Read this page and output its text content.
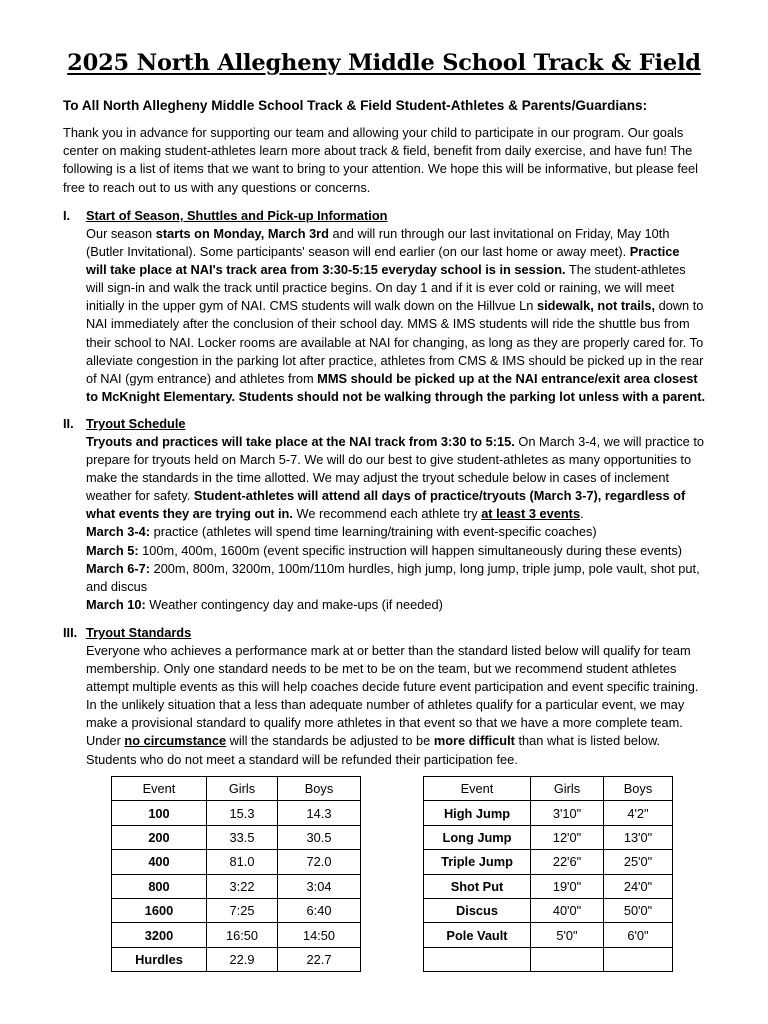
2025 North Allegheny Middle School Track & Field

To All North Allegheny Middle School Track & Field Student-Athletes & Parents/Guardians:

Thank you in advance for supporting our team and allowing your child to participate in our program. Our goals
center on making student-athletes learn more about track & field, benefit from daily exercise, and have fun! The
following is a list of items that we want to bring to your attention. We hope this will be informative, but please feel
free to reach out to us with any questions or concerns.

I.	Start of Season, Shuttles and Pick-up Information
Our season starts on Monday, March 3rd and will run through our last invitational on Friday, May 10th
(Butler Invitational). Some participants' season will end earlier (on our last home or away meet). Practice
will take place at NAI's track area from 3:30-5:15 everyday school is in session. The student-athletes
will sign-in and walk the track until practice begins. On day 1 and if it is ever cold or raining, we will meet
initially in the upper gym of NAI. CMS students will walk down on the Hillvue Ln sidewalk, not trails, down to
NAI immediately after the conclusion of their school day. MMS & IMS students will ride the shuttle bus from
their school to NAI. Locker rooms are available at NAI for changing, as long as they are properly cared for. To
alleviate congestion in the parking lot after practice, athletes from CMS & IMS should be picked up in the rear
of NAI (gym entrance) and athletes from MMS should be picked up at the NAI entrance/exit area closest
to McKnight Elementary. Students should not be walking through the parking lot unless with a parent.
II. Tryout Schedule
Tryouts and practices will take place at the NAI track from 3:30 to 5:15. On March 3-4, we will practice to
prepare for tryouts held on March 5-7. We will do our best to give student-athletes as many opportunities to
make the standards in the time allotted. We may adjust the tryout schedule below in cases of inclement
weather for safety. Student-athletes will attend all days of practice/tryouts (March 3-7), regardless of
what events they are trying out in. We recommend each athlete try at least 3 events.
March 3-4: practice (athletes will spend time learning/training with event-specific coaches)
March 5: 100m, 400m, 1600m (event specific instruction will happen simultaneously during these events)
March 6-7: 200m, 800m, 3200m, 100m/110m hurdles, high jump, long jump, triple jump, pole vault, shot put,
and discus
March 10: Weather contingency day and make-ups (if needed)
III. Tryout Standards
Everyone who achieves a performance mark at or better than the standard listed below will qualify for team
membership. Only one standard needs to be met to be on the team, but we recommend student athletes
attempt multiple events as this will help coaches decide future event participation and event specific training.
In the unlikely situation that a less than adequate number of athletes qualify for a particular event, we may
make a provisional standard to qualify more athletes in that event so that we have a more complete team.
Under no circumstance will the standards be adjusted to be more difficult than what is listed below.
Students who do not meet a standard will be refunded their participation fee.
Event	Girls	Boys
100	15.3	14.3
200	33.5	30.5
400	81.0	72.0
800	3:22	3:04
1600	7:25	6:40
3200	16:50	14:50
Hurdles	22.9	22.7
Event	Girls	Boys
High Jump	3'10"	4'2"
Long Jump	12'0"	13'0"
Triple Jump	22'6"	25'0"
Shot Put	19'0"	24'0"
Discus	40'0"	50'0"
Pole Vault	5'0"	6'0"
